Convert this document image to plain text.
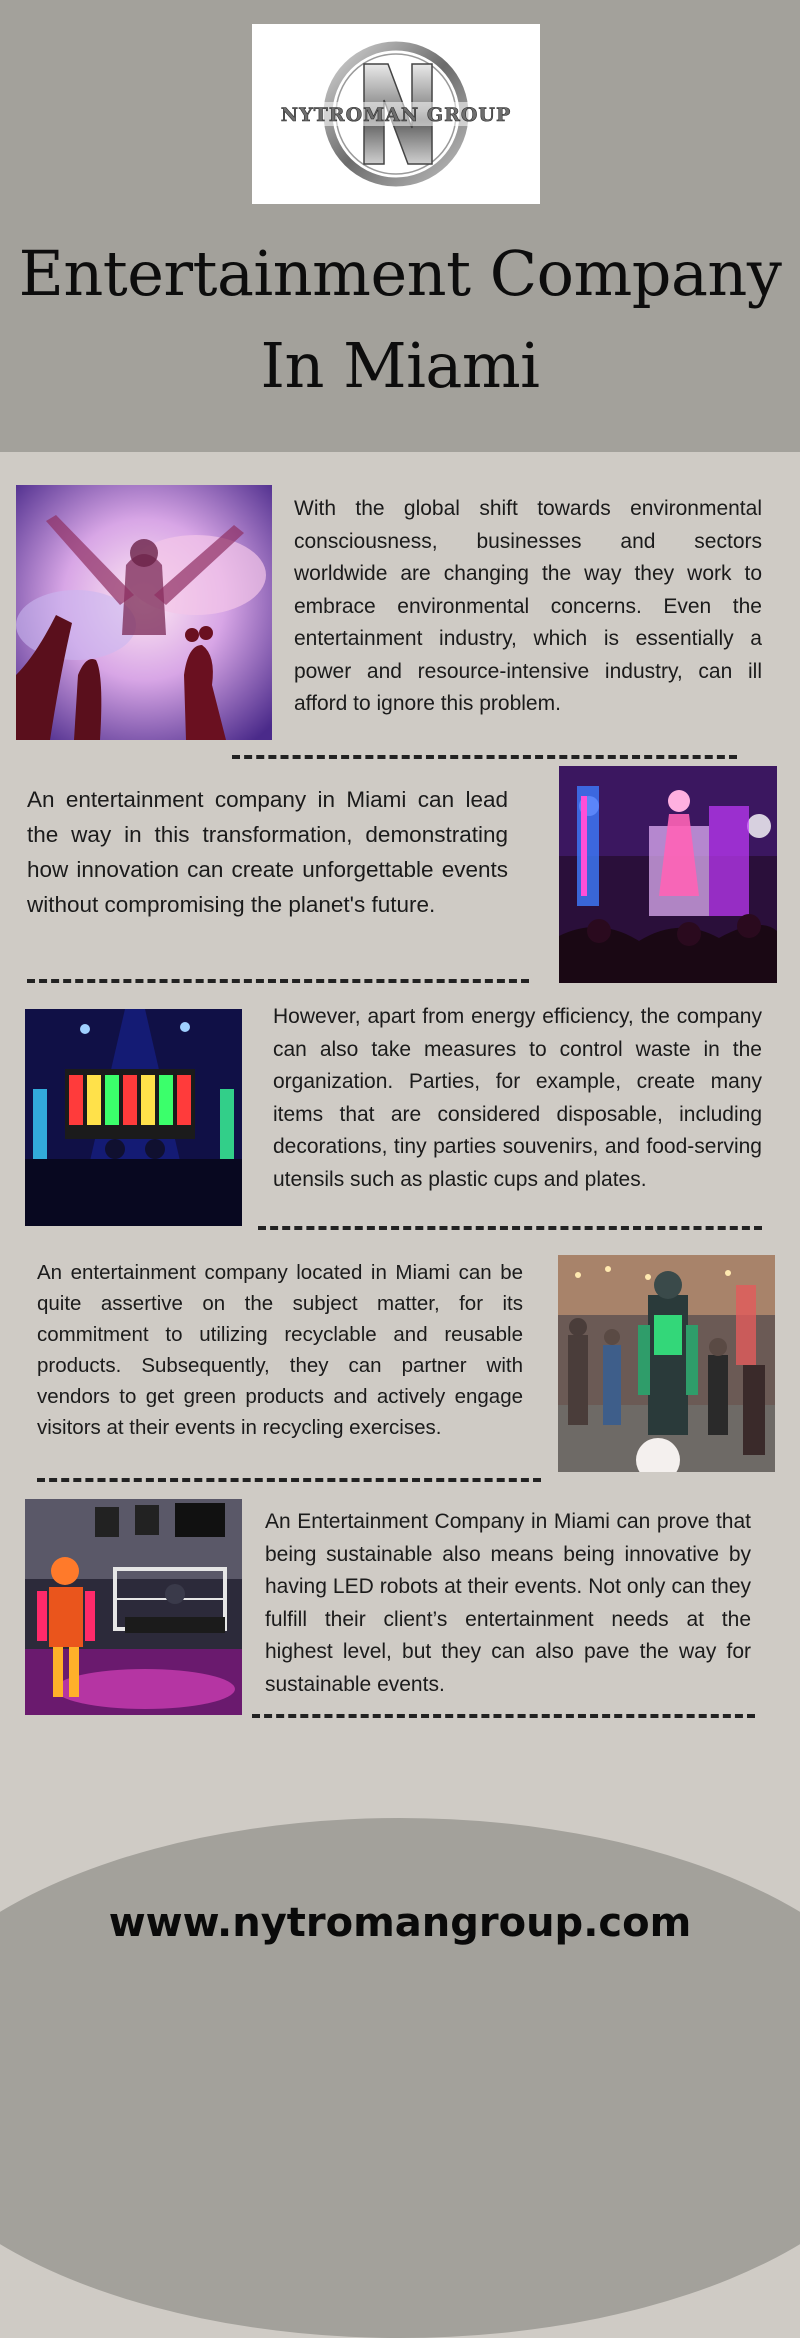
NYTROMAN GROUP
Entertainment Company
In Miami
With the global shift towards environmental consciousness, businesses and sectors worldwide are changing the way they work to embrace environmental concerns. Even the entertainment industry, which is essentially a power and resource-intensive industry, can ill afford to ignore this problem.
An entertainment company in Miami can lead the way in this transformation, demonstrating how innovation can create unforgettable events without compromising the planet's future.
However, apart from energy efficiency, the company can also take measures to control waste in the organization. Parties, for example, create many items that are considered disposable, including decorations, tiny parties souvenirs, and food-serving utensils such as plastic cups and plates.
An entertainment company located in Miami can be quite assertive on the subject matter, for its commitment to utilizing recyclable and reusable products. Subsequently, they can partner with vendors to get green products and actively engage visitors at their events in recycling exercises.
An Entertainment Company in Miami can prove that being sustainable also means being innovative by having LED robots at their events. Not only can they fulfill their client’s entertainment needs at the highest level, but they can also pave the way for sustainable events.
www.nytromangroup.com
